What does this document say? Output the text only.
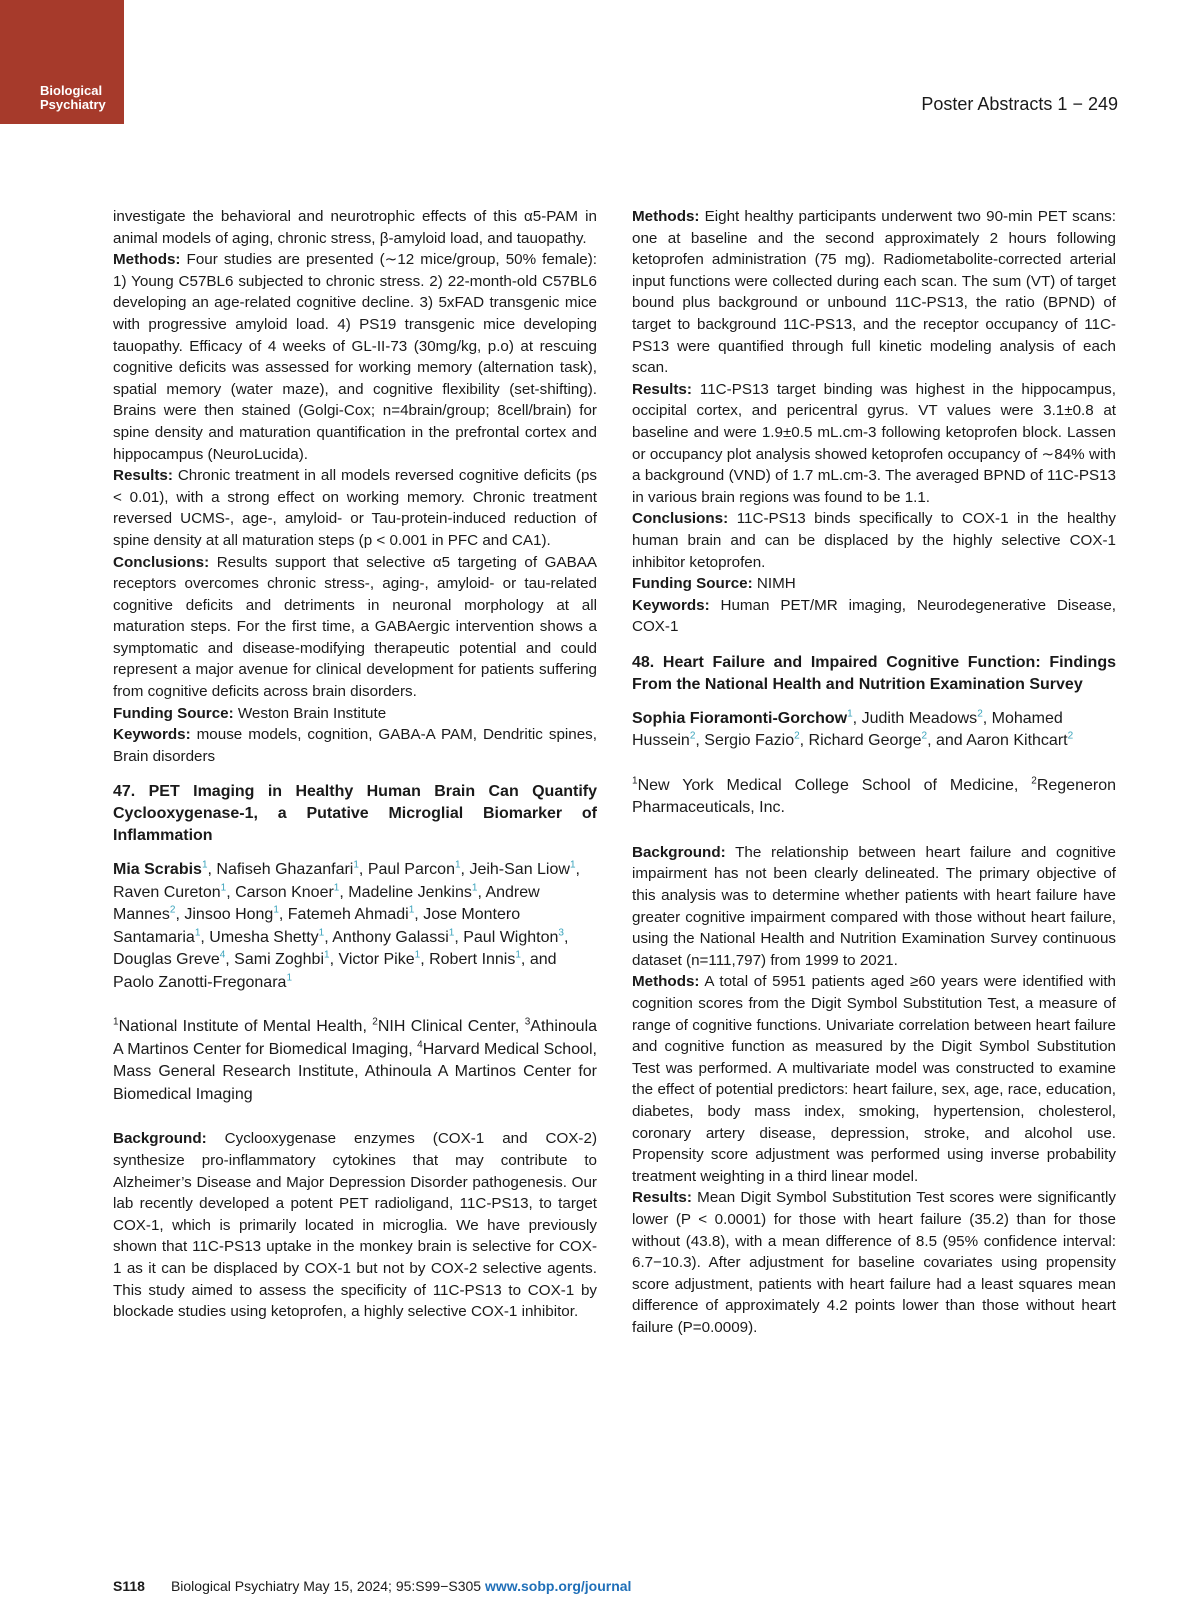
Biological
Psychiatry	Poster Abstracts 1 − 249

investigate the behavioral and neurotrophic effects of this α5-PAM in animal models of aging, chronic stress, β-amyloid load, and tauopathy.

Methods: Four studies are presented (∼12 mice/group, 50% female): 1) Young C57BL6 subjected to chronic stress. 2) 22-month-old C57BL6 developing an age-related cognitive decline. 3) 5xFAD transgenic mice with progressive amyloid load. 4) PS19 transgenic mice developing tauopathy. Efficacy of 4 weeks of GL-II-73 (30mg/kg, p.o) at rescuing cognitive deficits was assessed for working memory (alternation task), spatial memory (water maze), and cognitive flexibility (set-shifting). Brains were then stained (Golgi-Cox; n=4brain/group; 8cell/brain) for spine density and maturation quantification in the prefrontal cortex and hippocampus (NeuroLucida).

Results: Chronic treatment in all models reversed cognitive deficits (ps < 0.01), with a strong effect on working memory. Chronic treatment reversed UCMS-, age-, amyloid- or Tau-protein-induced reduction of spine density at all maturation steps (p < 0.001 in PFC and CA1).

Conclusions: Results support that selective α5 targeting of GABAA receptors overcomes chronic stress-, aging-, amyloid- or tau-related cognitive deficits and detriments in neuronal morphology at all maturation steps. For the first time, a GABAergic intervention shows a symptomatic and disease-modifying therapeutic potential and could represent a major avenue for clinical development for patients suffering from cognitive deficits across brain disorders.

Funding Source: Weston Brain Institute

Keywords: mouse models, cognition, GABA-A PAM, Dendritic spines, Brain disorders

47. PET Imaging in Healthy Human Brain Can Quantify Cyclooxygenase-1, a Putative Microglial Biomarker of Inflammation

Mia Scrabis$^1$, Nafiseh Ghazanfari$^1$, Paul Parcon$^1$, Jeih-San Liow$^1$, Raven Cureton$^1$, Carson Knoer$^1$, Madeline Jenkins$^1$, Andrew Mannes$^2$, Jinsoo Hong$^1$, Fatemeh Ahmadi$^1$, Jose Montero Santamaria$^1$, Umesha Shetty$^1$, Anthony Galassi$^1$, Paul Wighton$^3$, Douglas Greve$^4$, Sami Zoghbi$^1$, Victor Pike$^1$, Robert Innis$^1$, and Paolo Zanotti-Fregonara$^1$

$^1$National Institute of Mental Health, $^2$NIH Clinical Center, $^3$Athinoula A Martinos Center for Biomedical Imaging, $^4$Harvard Medical School, Mass General Research Institute, Athinoula A Martinos Center for Biomedical Imaging

Background: Cyclooxygenase enzymes (COX-1 and COX-2) synthesize pro-inflammatory cytokines that may contribute to Alzheimer’s Disease and Major Depression Disorder pathogenesis. Our lab recently developed a potent PET radioligand, 11C-PS13, to target COX-1, which is primarily located in microglia. We have previously shown that 11C-PS13 uptake in the monkey brain is selective for COX-1 as it can be displaced by COX-1 but not by COX-2 selective agents. This study aimed to assess the specificity of 11C-PS13 to COX-1 by blockade studies using ketoprofen, a highly selective COX-1 inhibitor.

Methods: Eight healthy participants underwent two 90-min PET scans: one at baseline and the second approximately 2 hours following ketoprofen administration (75 mg). Radiometabolite-corrected arterial input functions were collected during each scan. The sum (VT) of target bound plus background or unbound 11C-PS13, the ratio (BPND) of target to background 11C-PS13, and the receptor occupancy of 11C-PS13 were quantified through full kinetic modeling analysis of each scan.

Results: 11C-PS13 target binding was highest in the hippocampus, occipital cortex, and pericentral gyrus. VT values were 3.1±0.8 at baseline and were 1.9±0.5 mL.cm-3 following ketoprofen block. Lassen or occupancy plot analysis showed ketoprofen occupancy of ∼84% with a background (VND) of 1.7 mL.cm-3. The averaged BPND of 11C-PS13 in various brain regions was found to be 1.1.

Conclusions: 11C-PS13 binds specifically to COX-1 in the healthy human brain and can be displaced by the highly selective COX-1 inhibitor ketoprofen.

Funding Source: NIMH

Keywords: Human PET/MR imaging, Neurodegenerative Disease, COX-1

48. Heart Failure and Impaired Cognitive Function: Findings From the National Health and Nutrition Examination Survey

Sophia Fioramonti-Gorchow$^1$, Judith Meadows$^2$, Mohamed Hussein$^2$, Sergio Fazio$^2$, Richard George$^2$, and Aaron Kithcart$^2$

$^1$New York Medical College School of Medicine, $^2$Regeneron Pharmaceuticals, Inc.

Background: The relationship between heart failure and cognitive impairment has not been clearly delineated. The primary objective of this analysis was to determine whether patients with heart failure have greater cognitive impairment compared with those without heart failure, using the National Health and Nutrition Examination Survey continuous dataset (n=111,797) from 1999 to 2021.

Methods: A total of 5951 patients aged ≥60 years were identified with cognition scores from the Digit Symbol Substitution Test, a measure of range of cognitive functions. Univariate correlation between heart failure and cognitive function as measured by the Digit Symbol Substitution Test was performed. A multivariate model was constructed to examine the effect of potential predictors: heart failure, sex, age, race, education, diabetes, body mass index, smoking, hypertension, cholesterol, coronary artery disease, depression, stroke, and alcohol use. Propensity score adjustment was performed using inverse probability treatment weighting in a third linear model.

Results: Mean Digit Symbol Substitution Test scores were significantly lower (P < 0.0001) for those with heart failure (35.2) than for those without (43.8), with a mean difference of 8.5 (95% confidence interval: 6.7−10.3). After adjustment for baseline covariates using propensity score adjustment, patients with heart failure had a least squares mean difference of approximately 4.2 points lower than those without heart failure (P=0.0009).

S118 Biological Psychiatry May 15, 2024; 95:S99−S305 www.sobp.org/journal
